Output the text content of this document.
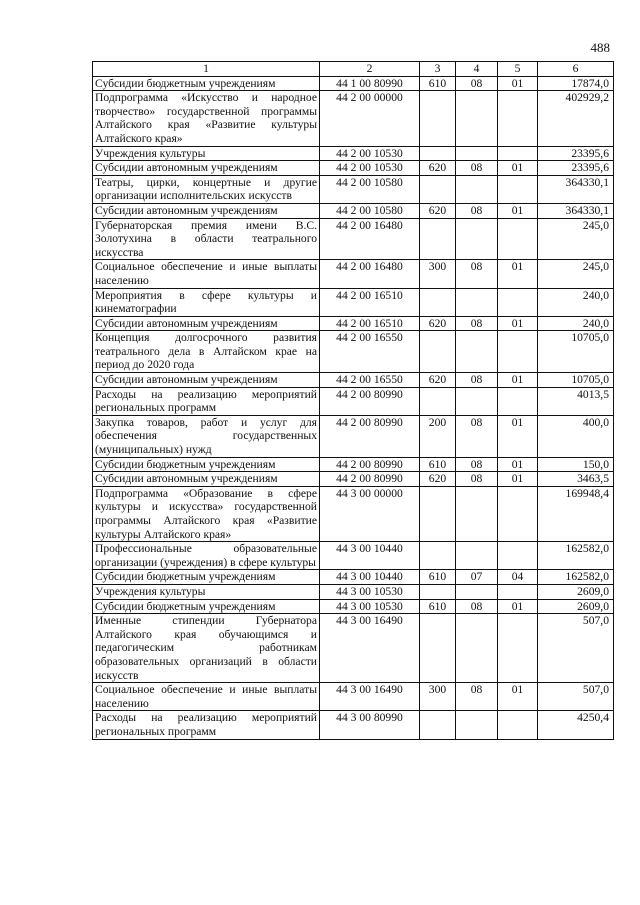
488
1	2	3	4	5	6
Субсидии бюджетным учреждениям	44 1 00 80990	610	08	01	17874,0
Подпрограмма «Искусство и народное творчество» государственной программы Алтайского края «Развитие культуры Алтайского края»	44 2 00 00000				402929,2
Учреждения культуры	44 2 00 10530				23395,6
Субсидии автономным учреждениям	44 2 00 10530	620	08	01	23395,6
Театры, цирки, концертные и другие организации исполнительских искусств	44 2 00 10580				364330,1
Субсидии автономным учреждениям	44 2 00 10580	620	08	01	364330,1
Губернаторская премия имени В.С. Золотухина в области театрального искусства	44 2 00 16480				245,0
Социальное обеспечение и иные выплаты населению	44 2 00 16480	300	08	01	245,0
Мероприятия в сфере культуры и кинематографии	44 2 00 16510				240,0
Субсидии автономным учреждениям	44 2 00 16510	620	08	01	240,0
Концепция долгосрочного развития театрального дела в Алтайском крае на период до 2020 года	44 2 00 16550				10705,0
Субсидии автономным учреждениям	44 2 00 16550	620	08	01	10705,0
Расходы на реализацию мероприятий региональных программ	44 2 00 80990				4013,5
Закупка товаров, работ и услуг для обеспечения государственных (муниципальных) нужд	44 2 00 80990	200	08	01	400,0
Субсидии бюджетным учреждениям	44 2 00 80990	610	08	01	150,0
Субсидии автономным учреждениям	44 2 00 80990	620	08	01	3463,5
Подпрограмма «Образование в сфере культуры и искусства» государственной программы Алтайского края «Развитие культуры Алтайского края»	44 3 00 00000				169948,4
Профессиональные образовательные организации (учреждения) в сфере культуры	44 3 00 10440				162582,0
Субсидии бюджетным учреждениям	44 3 00 10440	610	07	04	162582,0
Учреждения культуры	44 3 00 10530				2609,0
Субсидии бюджетным учреждениям	44 3 00 10530	610	08	01	2609,0
Именные стипендии Губернатора Алтайского края обучающимся и педагогическим работникам образовательных организаций в области искусств	44 3 00 16490				507,0
Социальное обеспечение и иные выплаты населению	44 3 00 16490	300	08	01	507,0
Расходы на реализацию мероприятий региональных программ	44 3 00 80990				4250,4
